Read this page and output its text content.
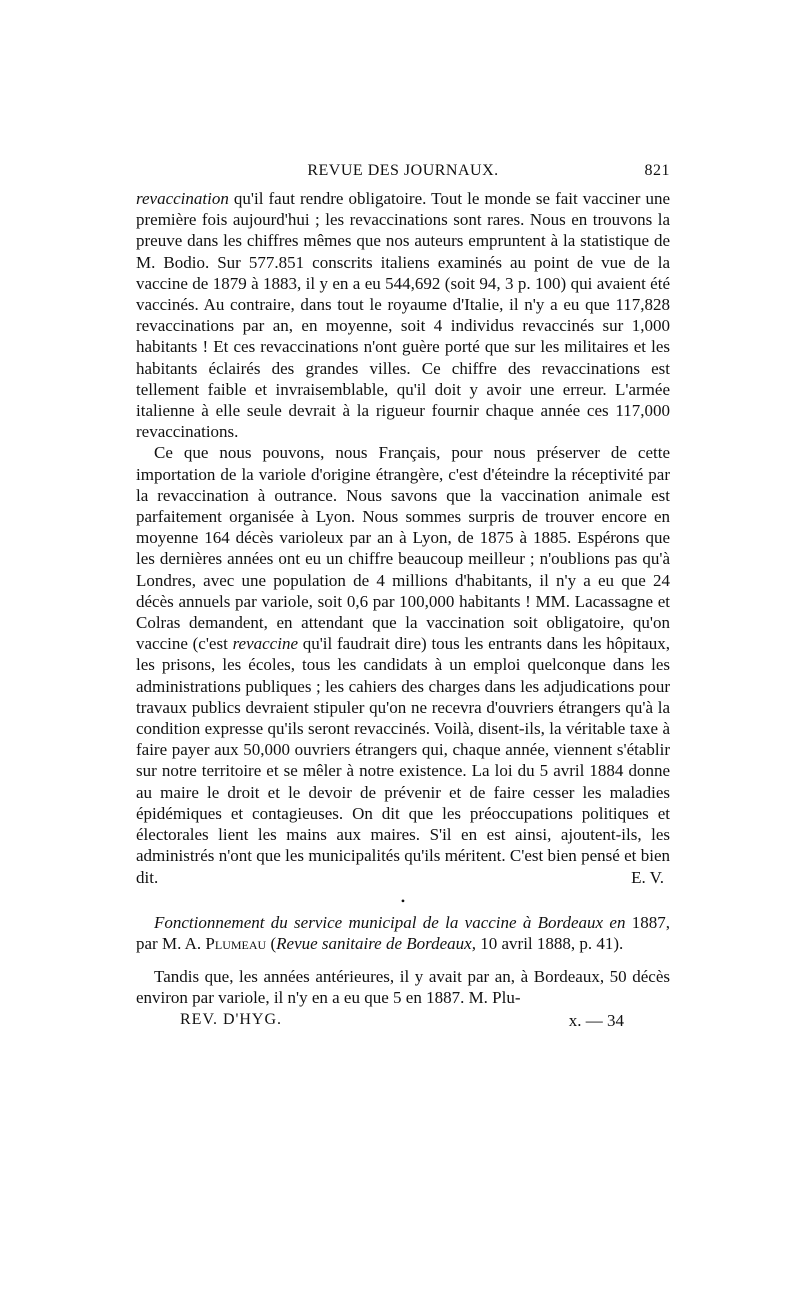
REVUE DES JOURNAUX.	821

revaccination qu'il faut rendre obligatoire. Tout le monde se fait vacciner une première fois aujourd'hui ; les revaccinations sont rares. Nous en trouvons la preuve dans les chiffres mêmes que nos auteurs empruntent à la statistique de M. Bodio. Sur 577.851 conscrits italiens examinés au point de vue de la vaccine de 1879 à 1883, il y en a eu 544,692 (soit 94, 3 p. 100) qui avaient été vaccinés. Au contraire, dans tout le royaume d'Italie, il n'y a eu que 117,828 revaccinations par an, en moyenne, soit 4 individus revaccinés sur 1,000 habitants ! Et ces revaccinations n'ont guère porté que sur les militaires et les habitants éclairés des grandes villes. Ce chiffre des revaccinations est tellement faible et invraisemblable, qu'il doit y avoir une erreur. L'armée italienne à elle seule devrait à la rigueur fournir chaque année ces 117,000 revaccinations.

Ce que nous pouvons, nous Français, pour nous préserver de cette importation de la variole d'origine étrangère, c'est d'éteindre la réceptivité par la revaccination à outrance. Nous savons que la vaccination animale est parfaitement organisée à Lyon. Nous sommes surpris de trouver encore en moyenne 164 décès varioleux par an à Lyon, de 1875 à 1885. Espérons que les dernières années ont eu un chiffre beaucoup meilleur ; n'oublions pas qu'à Londres, avec une population de 4 millions d'habitants, il n'y a eu que 24 décès annuels par variole, soit 0,6 par 100,000 habitants ! MM. Lacassagne et Colras demandent, en attendant que la vaccination soit obligatoire, qu'on vaccine (c'est revaccine qu'il faudrait dire) tous les entrants dans les hôpitaux, les prisons, les écoles, tous les candidats à un emploi quelconque dans les administrations publiques ; les cahiers des charges dans les adjudications pour travaux publics devraient stipuler qu'on ne recevra d'ouvriers étrangers qu'à la condition expresse qu'ils seront revaccinés. Voilà, disent-ils, la véritable taxe à faire payer aux 50,000 ouvriers étrangers qui, chaque année, viennent s'établir sur notre territoire et se mêler à notre existence. La loi du 5 avril 1884 donne au maire le droit et le devoir de prévenir et de faire cesser les maladies épidémiques et contagieuses. On dit que les préoccupations politiques et électorales lient les mains aux maires. S'il en est ainsi, ajoutent-ils, les administrés n'ont que les municipalités qu'ils méritent. C'est bien pensé et bien dit.	E. V.

•

Fonctionnement du service municipal de la vaccine à Bordeaux en 1887, par M. A. Plumeau (Revue sanitaire de Bordeaux, 10 avril 1888, p. 41).

Tandis que, les années antérieures, il y avait par an, à Bordeaux, 50 décès environ par variole, il n'y en a eu que 5 en 1887. M. Plu-

REV. D'HYG.	x. — 34
